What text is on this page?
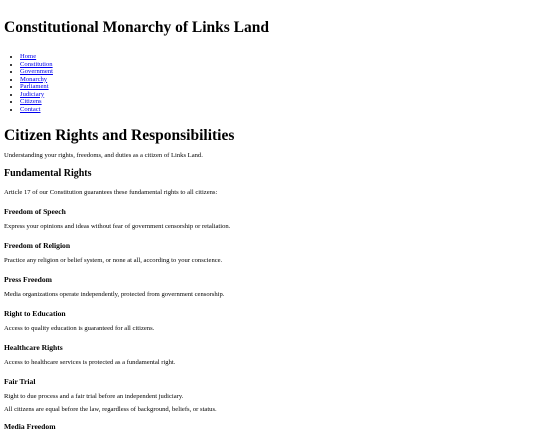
Constitutional Monarchy of Links Land
• Home
• Constitution
• Government
• Monarchy
• Parliament
• Judiciary
• Citizens
• Contact
Citizen Rights and Responsibilities

Understanding your rights, freedoms, and duties as a citizen of Links Land.

Fundamental Rights

Article 17 of our Constitution guarantees these fundamental rights to all citizens:

Freedom of Speech

Express your opinions and ideas without fear of government censorship or retaliation.

Freedom of Religion

Practice any religion or belief system, or none at all, according to your conscience.

Press Freedom

Media organizations operate independently, protected from government censorship.

Right to Education

Access to quality education is guaranteed for all citizens.

Healthcare Rights

Access to healthcare services is protected as a fundamental right.

Fair Trial

Right to due process and a fair trial before an independent judiciary.

All citizens are equal before the law, regardless of background, beliefs, or status.

Media Freedom
